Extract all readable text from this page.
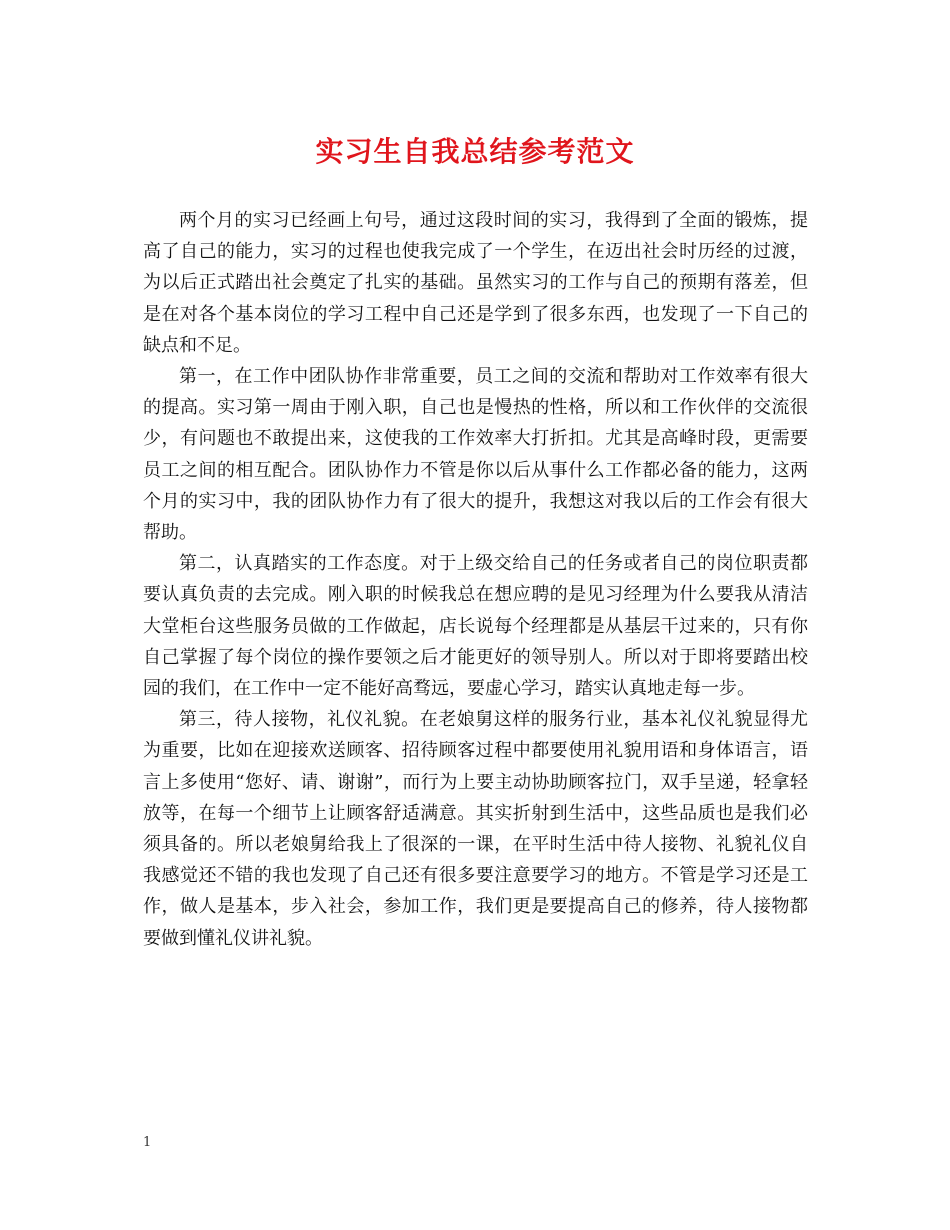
实习生自我总结参考范文

两个月的实习已经画上句号，通过这段时间的实习，我得到了全面的锻炼，提高了自己的能力，实习的过程也使我完成了一个学生，在迈出社会时历经的过渡，为以后正式踏出社会奠定了扎实的基础。虽然实习的工作与自己的预期有落差，但是在对各个基本岗位的学习工程中自己还是学到了很多东西，也发现了一下自己的缺点和不足。

第一，在工作中团队协作非常重要，员工之间的交流和帮助对工作效率有很大的提高。实习第一周由于刚入职，自己也是慢热的性格，所以和工作伙伴的交流很少，有问题也不敢提出来，这使我的工作效率大打折扣。尤其是高峰时段，更需要员工之间的相互配合。团队协作力不管是你以后从事什么工作都必备的能力，这两个月的实习中，我的团队协作力有了很大的提升，我想这对我以后的工作会有很大帮助。

第二，认真踏实的工作态度。对于上级交给自己的任务或者自己的岗位职责都要认真负责的去完成。刚入职的时候我总在想应聘的是见习经理为什么要我从清洁大堂柜台这些服务员做的工作做起，店长说每个经理都是从基层干过来的，只有你自己掌握了每个岗位的操作要领之后才能更好的领导别人。所以对于即将要踏出校园的我们，在工作中一定不能好高骛远，要虚心学习，踏实认真地走每一步。

第三，待人接物，礼仪礼貌。在老娘舅这样的服务行业，基本礼仪礼貌显得尤为重要，比如在迎接欢送顾客、招待顾客过程中都要使用礼貌用语和身体语言，语言上多使用“您好、请、谢谢”，而行为上要主动协助顾客拉门，双手呈递，轻拿轻放等，在每一个细节上让顾客舒适满意。其实折射到生活中，这些品质也是我们必须具备的。所以老娘舅给我上了很深的一课，在平时生活中待人接物、礼貌礼仪自我感觉还不错的我也发现了自己还有很多要注意要学习的地方。不管是学习还是工作，做人是基本，步入社会，参加工作，我们更是要提高自己的修养，待人接物都要做到懂礼仪讲礼貌。

1
